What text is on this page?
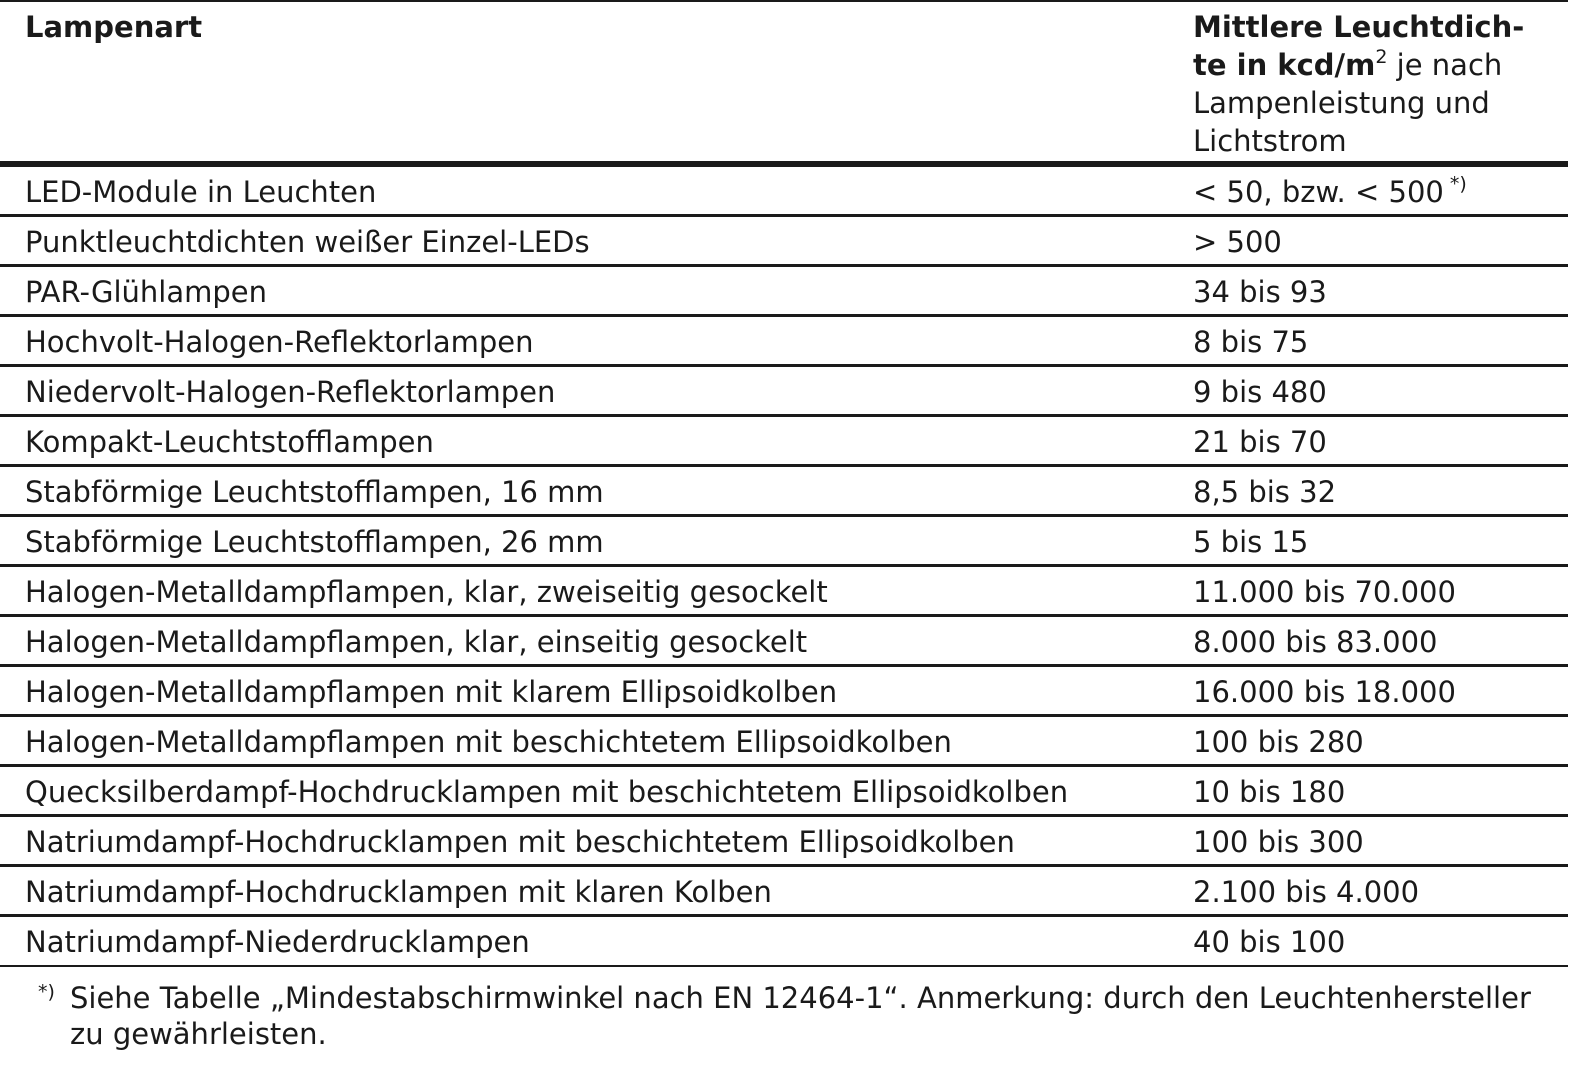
Lampenart	Mittlere Leuchtdich-
te in kcd/$m^2$ je nach
Lampenleistung und
Lichtstrom
LED-Module in Leuchten	< 50, bzw. < 500 *)
Punktleuchtdichten weißer Einzel-LEDs	> 500
PAR-Glühlampen	34 bis 93
Hochvolt-Halogen-Reflektorlampen	8 bis 75
Niedervolt-Halogen-Reflektorlampen	9 bis 480
Kompakt-Leuchtstofflampen	21 bis 70
Stabförmige Leuchtstofflampen, 16 mm	8,5 bis 32
Stabförmige Leuchtstofflampen, 26 mm	5 bis 15
Halogen-Metalldampflampen, klar, zweiseitig gesockelt	11.000 bis 70.000
Halogen-Metalldampflampen, klar, einseitig gesockelt	8.000 bis 83.000
Halogen-Metalldampflampen mit klarem Ellipsoidkolben	16.000 bis 18.000
Halogen-Metalldampflampen mit beschichtetem Ellipsoidkolben	100 bis 280
Quecksilberdampf-Hochdrucklampen mit beschichtetem Ellipsoidkolben	10 bis 180
Natriumdampf-Hochdrucklampen mit beschichtetem Ellipsoidkolben	100 bis 300
Natriumdampf-Hochdrucklampen mit klaren Kolben	2.100 bis 4.000
Natriumdampf-Niederdrucklampen	40 bis 100
*) Siehe Tabelle „Mindestabschirmwinkel nach EN 12464-1“. Anmerkung: durch den Leuchtenhersteller
zu gewährleisten.
